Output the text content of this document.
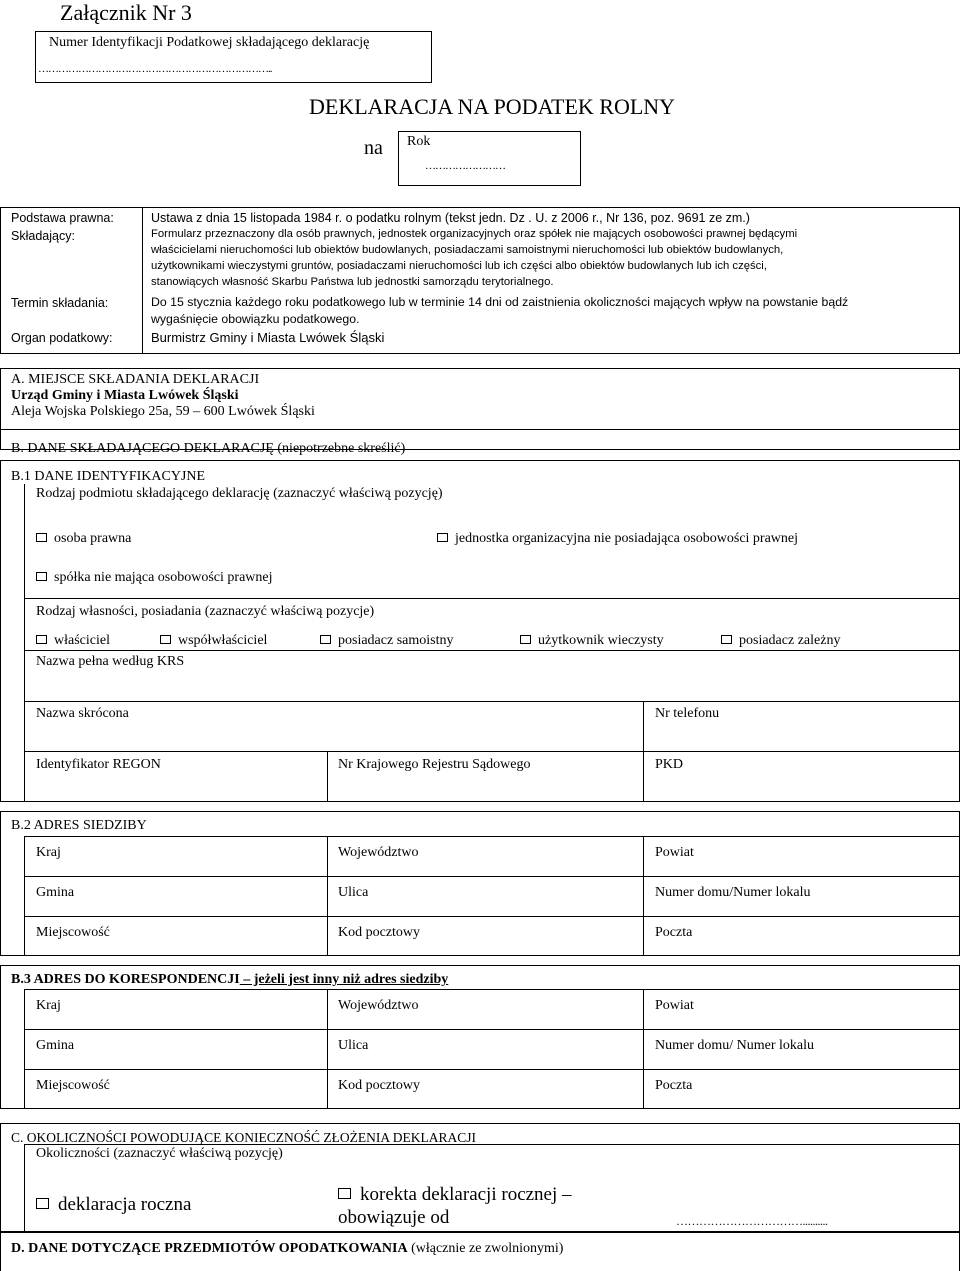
Załącznik Nr 3
Numer Identyfikacji Podatkowej składającego deklarację
……………………………………………………………..
DEKLARACJA NA PODATEK ROLNY
na Rok
……………………
Podstawa prawna:	Ustawa z dnia 15 listopada 1984 r. o podatku rolnym (tekst jedn. Dz . U. z 2006 r., Nr 136, poz. 9691 ze zm.)
Składający:	Formularz przeznaczony dla osób prawnych, jednostek organizacyjnych oraz spółek nie mających osobowości prawnej będącymi
właścicielami nieruchomości lub obiektów budowlanych, posiadaczami samoistnymi nieruchomości lub obiektów budowlanych,
użytkownikami wieczystymi gruntów, posiadaczami nieruchomości lub ich części albo obiektów budowlanych lub ich części,
stanowiących własność Skarbu Państwa lub jednostki samorządu terytorialnego.
Termin składania:	Do 15 stycznia każdego roku podatkowego lub w terminie 14 dni od zaistnienia okoliczności mających wpływ na powstanie bądź
wygaśnięcie obowiązku podatkowego.
Organ podatkowy:	Burmistrz Gminy i Miasta Lwówek Śląski
A. MIEJSCE SKŁADANIA DEKLARACJI
Urząd Gminy i Miasta Lwówek Śląski
Aleja Wojska Polskiego 25a, 59 – 600 Lwówek Śląski
B. DANE SKŁADAJĄCEGO DEKLARACJĘ (niepotrzebne skreślić)
B.1 DANE IDENTYFIKACYJNE
Rodzaj podmiotu składającego deklarację (zaznaczyć właściwą pozycję)
osoba prawna	jednostka organizacyjna nie posiadająca osobowości prawnej
spółka nie mająca osobowości prawnej
Rodzaj własności, posiadania (zaznaczyć właściwą pozycje)
właściciel	współwłaściciel	posiadacz samoistny	użytkownik wieczysty	posiadacz zależny
Nazwa pełna według KRS
Nazwa skrócona	Nr telefonu
Identyfikator REGON	Nr Krajowego Rejestru Sądowego	PKD
B.2 ADRES SIEDZIBY
Kraj	Województwo	Powiat
Gmina	Ulica	Numer domu/Numer lokalu
Miejscowość	Kod pocztowy	Poczta
B.3 ADRES DO KORESPONDENCJI – jeżeli jest inny niż adres siedziby
Kraj	Województwo	Powiat
Gmina	Ulica	Numer domu/ Numer lokalu
Miejscowość	Kod pocztowy	Poczta
C. OKOLICZNOŚCI POWODUJĄCE KONIECZNOŚĆ ZŁOŻENIA DEKLARACJI
Okoliczności (zaznaczyć właściwą pozycję)
deklaracja roczna	korekta deklaracji rocznej –
obowiązuje od	……………………………..........
D. DANE DOTYCZĄCE PRZEDMIOTÓW OPODATKOWANIA (włącznie ze zwolnionymi)
